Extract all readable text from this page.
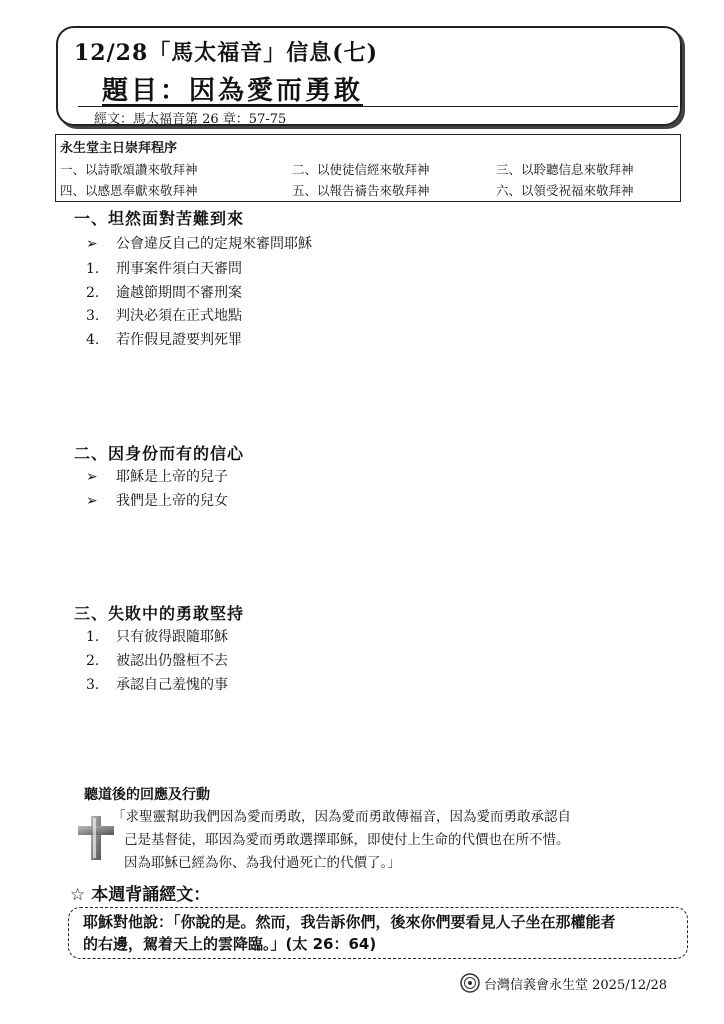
12/28「馬太福音」信息(七)
題目：因為愛而勇敢
經文：馬太福音第 26 章：57-75
永生堂主日崇拜程序
一、以詩歌頌讚來敬拜神	二、以使徒信經來敬拜神	三、以聆聽信息來敬拜神
四、以感恩奉獻來敬拜神	五、以報告禱告來敬拜神	六、以領受祝福來敬拜神
一、坦然面對苦難到來
➢ 公會違反自己的定規來審問耶穌
1. 刑事案件須白天審問
2. 逾越節期間不審刑案
3. 判決必須在正式地點
4. 若作假見證要判死罪
二、因身份而有的信心
➢ 耶穌是上帝的兒子
➢ 我們是上帝的兒女
三、失敗中的勇敢堅持
1. 只有彼得跟隨耶穌
2. 被認出仍盤桓不去
3. 承認自己羞愧的事
聽道後的回應及行動

「求聖靈幫助我們因為愛而勇敢，因為愛而勇敢傳福音，因為愛而勇敢承認自

己是基督徒，耶因為愛而勇敢選擇耶穌，即使付上生命的代價也在所不惜。

因為耶穌已經為你、為我付過死亡的代價了。」

☆ 本週背誦經文：

耶穌對他說：「你說的是。然而，我告訴你們，後來你們要看見人子坐在那權能者

的右邊，駕着天上的雲降臨。」(太 26：64)

台灣信義會永生堂 2025/12/28
